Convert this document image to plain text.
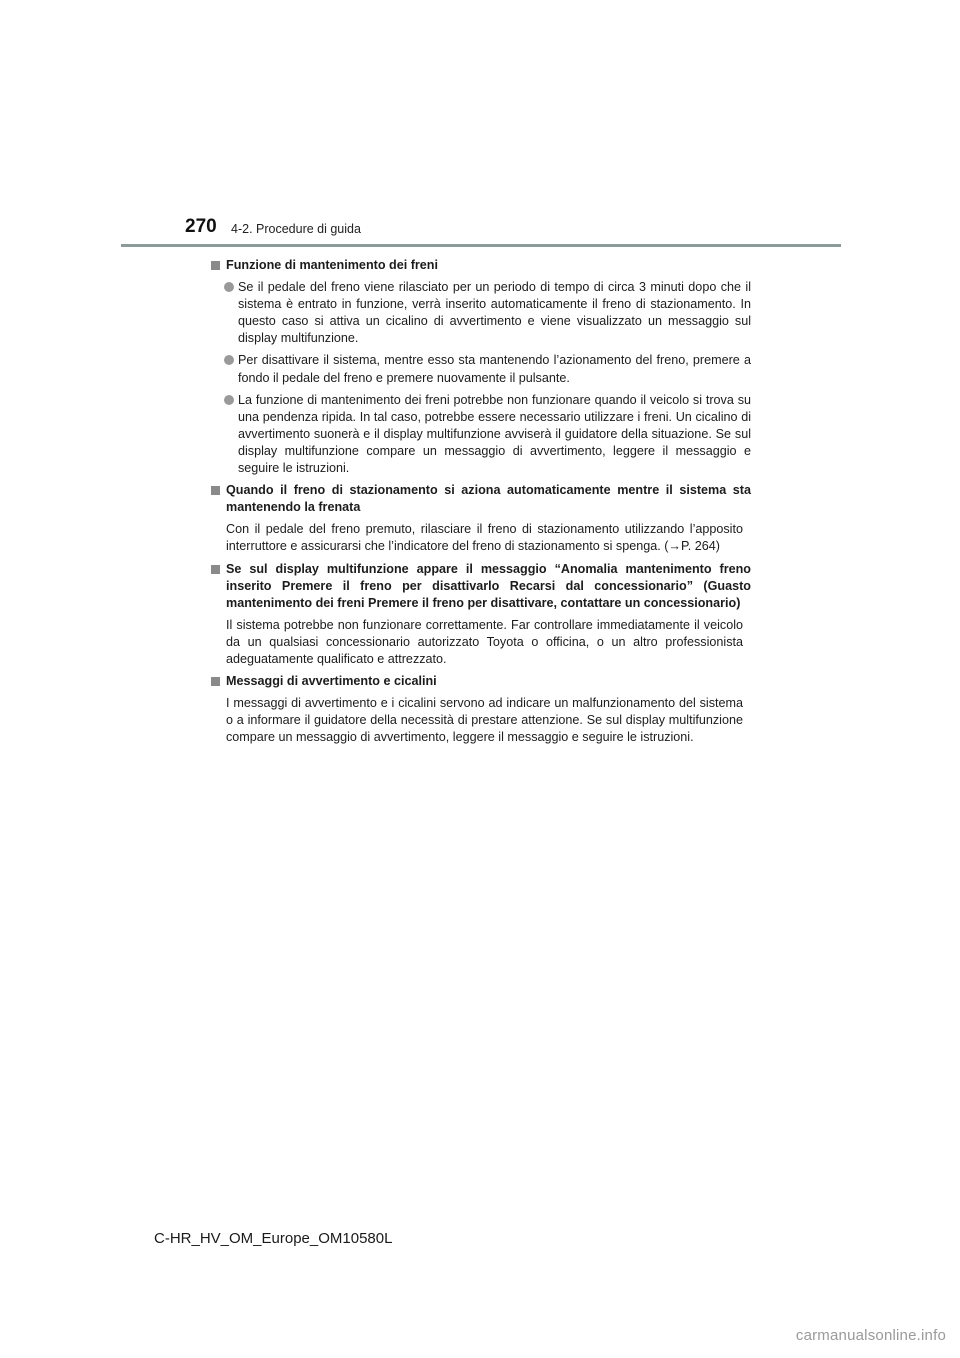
270 4-2. Procedure di guida
Funzione di mantenimento dei freni
Se il pedale del freno viene rilasciato per un periodo di tempo di circa 3 minuti dopo che il sistema è entrato in funzione, verrà inserito automaticamente il freno di stazionamento. In questo caso si attiva un cicalino di avvertimento e viene visualizzato un messaggio sul display multifunzione.
Per disattivare il sistema, mentre esso sta mantenendo l’azionamento del freno, premere a fondo il pedale del freno e premere nuovamente il pulsante.
La funzione di mantenimento dei freni potrebbe non funzionare quando il veicolo si trova su una pendenza ripida. In tal caso, potrebbe essere necessario utilizzare i freni. Un cicalino di avvertimento suonerà e il display multifunzione avviserà il guidatore della situazione. Se sul display multifunzione compare un messaggio di avvertimento, leggere il messaggio e seguire le istruzioni.
Quando il freno di stazionamento si aziona automaticamente mentre il sistema sta mantenendo la frenata
Con il pedale del freno premuto, rilasciare il freno di stazionamento utilizzando l’apposito interruttore e assicurarsi che l’indicatore del freno di stazionamento si spenga. (→P. 264)
Se sul display multifunzione appare il messaggio “Anomalia mantenimento freno inserito Premere il freno per disattivarlo Recarsi dal concessionario” (Guasto mantenimento dei freni Premere il freno per disattivare, contattare un concessionario)
Il sistema potrebbe non funzionare correttamente. Far controllare immediatamente il veicolo da un qualsiasi concessionario autorizzato Toyota o officina, o un altro professionista adeguatamente qualificato e attrezzato.
Messaggi di avvertimento e cicalini
I messaggi di avvertimento e i cicalini servono ad indicare un malfunzionamento del sistema o a informare il guidatore della necessità di prestare attenzione. Se sul display multifunzione compare un messaggio di avvertimento, leggere il messaggio e seguire le istruzioni.
C-HR_HV_OM_Europe_OM10580L
carmanualsonline.info
